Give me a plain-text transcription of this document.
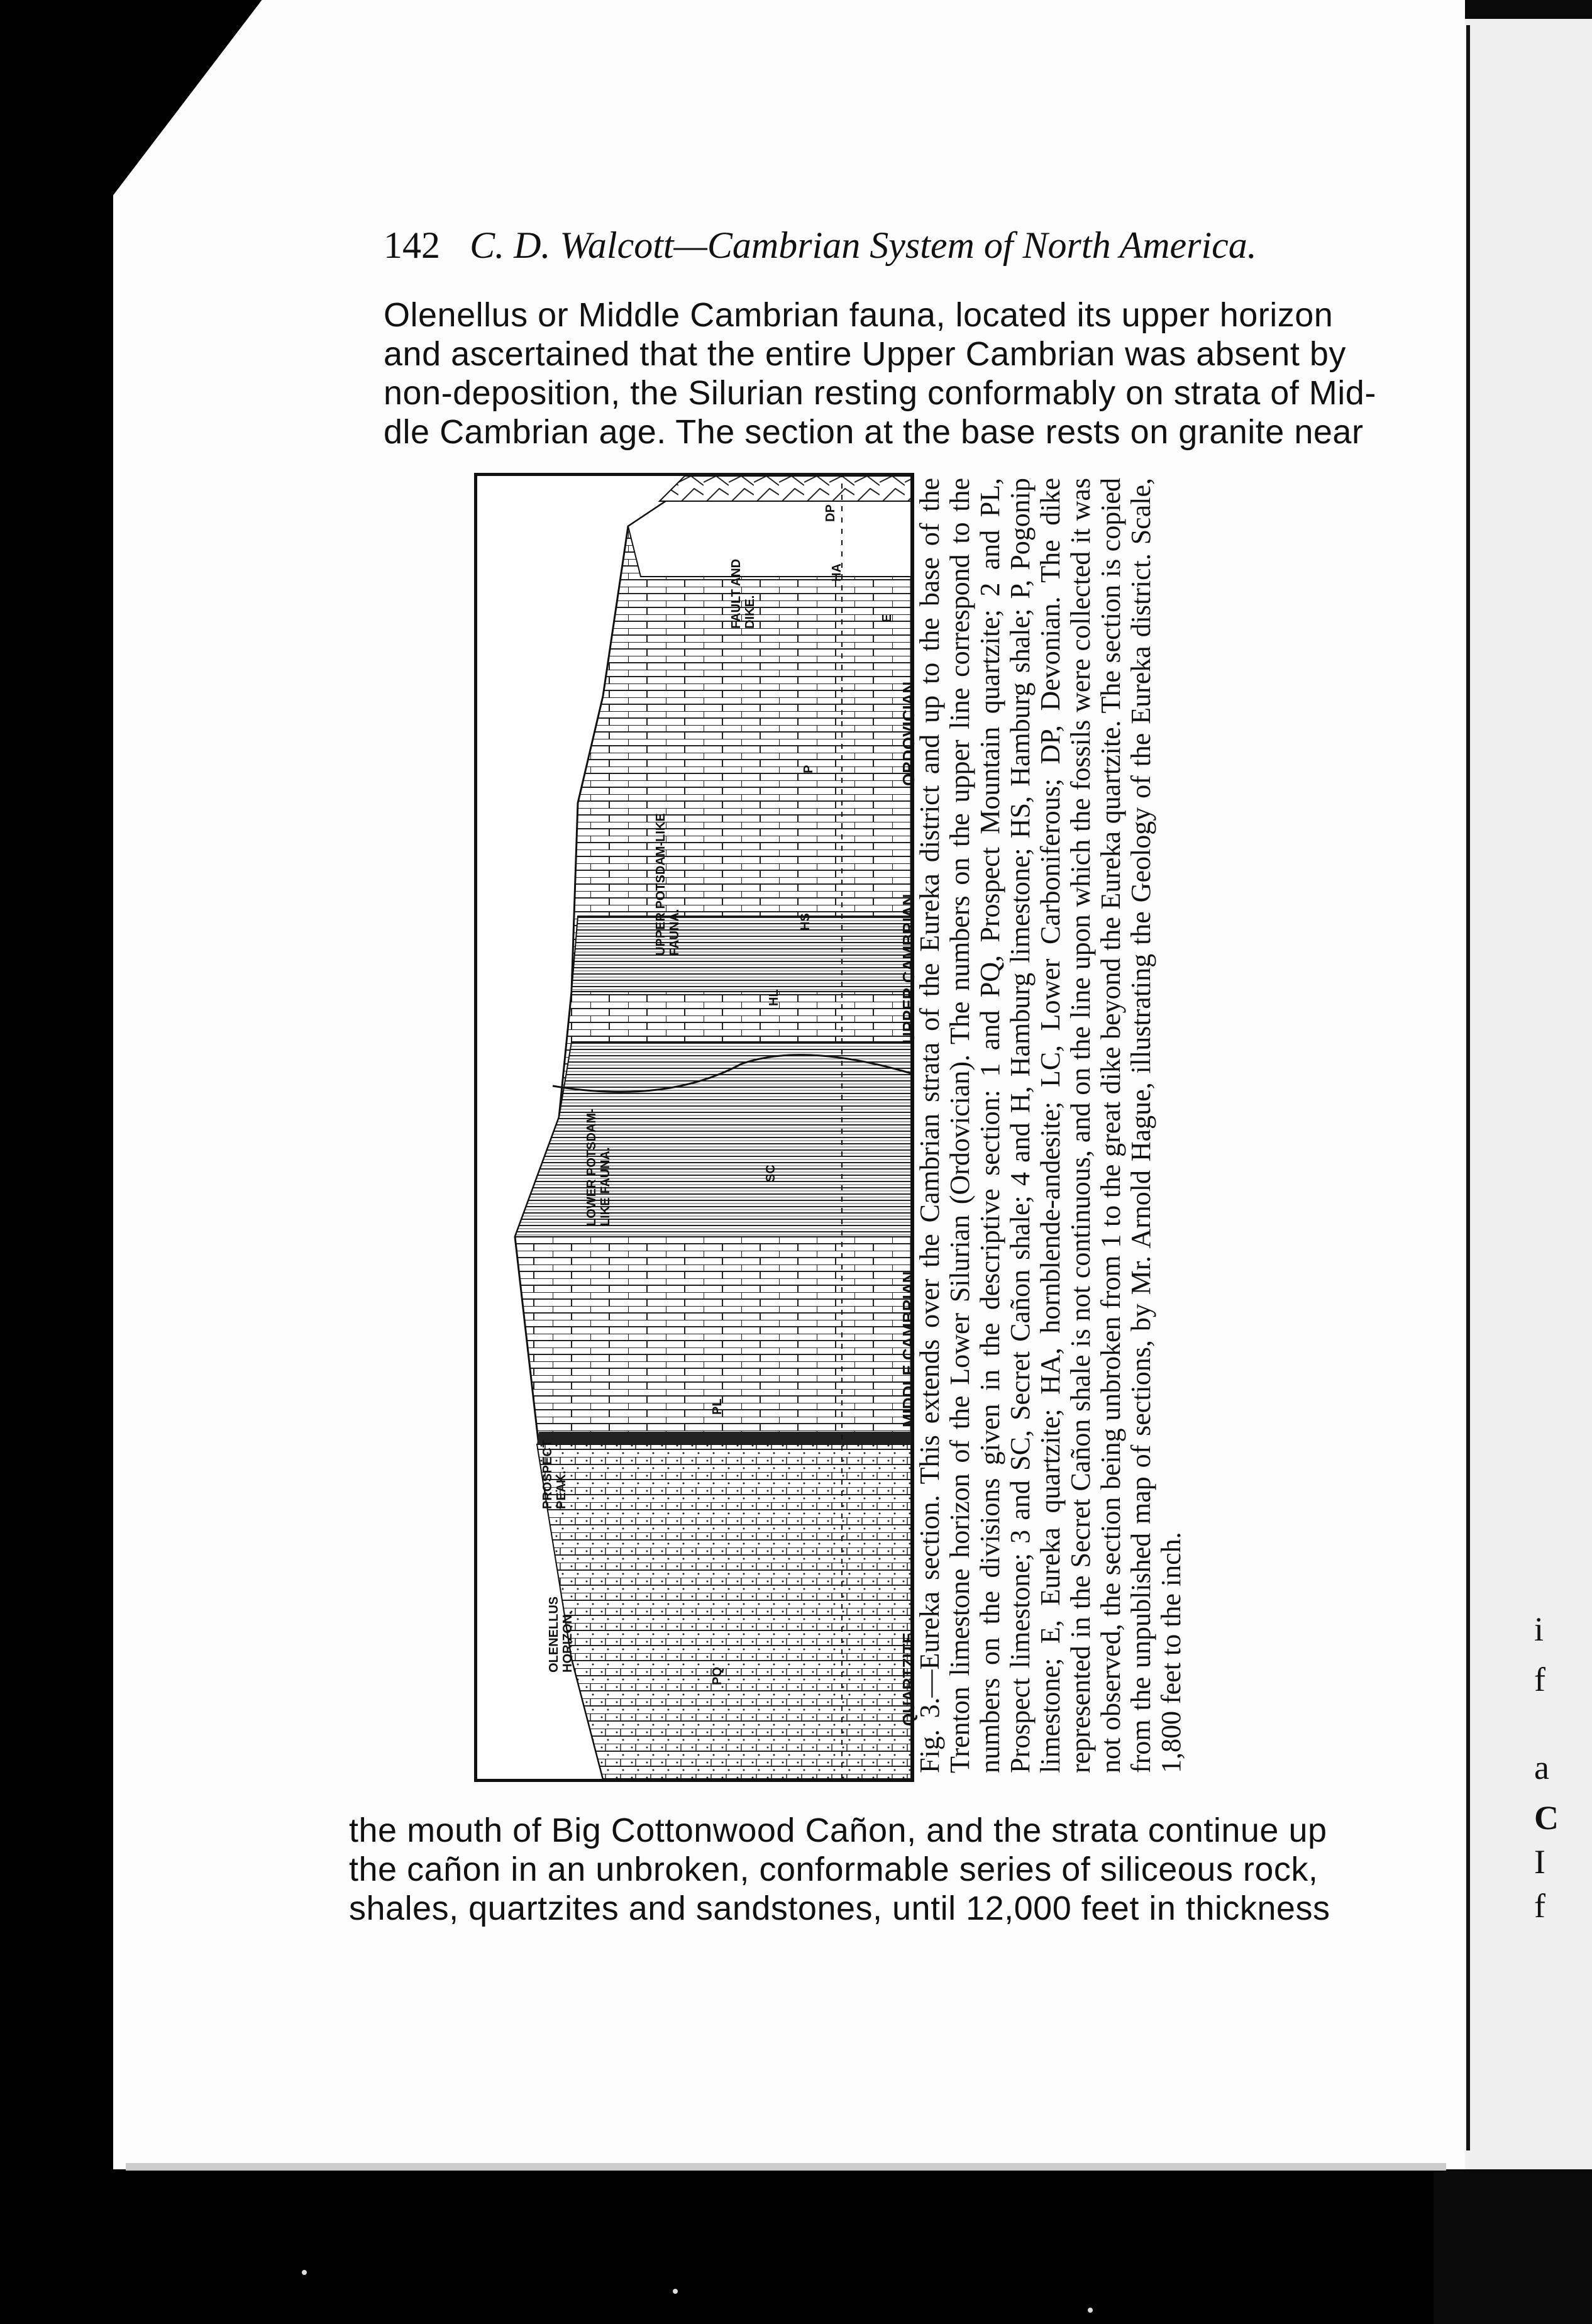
i
f
a
C
I
f
142 C. D. Walcott—Cambrian System of North America.
Olenellus or Middle Cambrian fauna, located its upper horizon
and ascertained that the entire Upper Cambrian was absent by
non-deposition, the Silurian resting conformably on strata of Mid-
dle Cambrian age. The section at the base rests on granite near
QUARTZITE.
MIDDLE CAMBRIAN.
UPPER CAMBRIAN.
ORDOVICIAN.
OLENELLUS
HORIZON.
PROSPECT
PEAK.
LOWER POTSDAM-
LIKE FAUNA.
UPPER POTSDAM-LIKE
FAUNA.
FAULT AND
DIKE.
PQ
PL
SC
HL
HS
P
HA
DP
E Fig. 3.—Eureka section. This extends over the Cambrian strata of the Eureka district and up to the base of the Trenton limestone horizon of the Lower Silurian (Ordovician). The numbers on the upper line correspond to the numbers on the divisions given in the descriptive section: 1 and PQ, Prospect Mountain quartzite; 2 and PL, Prospect limestone; 3 and SC, Secret Cañon shale; 4 and H, Hamburg limestone; HS, Hamburg shale; P, Pogonip limestone; E, Eureka quartzite; HA, hornblende-andesite; LC, Lower Carboniferous; DP, Devonian. The dike represented in the Secret Cañon shale is not continuous, and on the line upon which the fossils were collected it was not observed, the section being unbroken from 1 to the great dike beyond the Eureka quartzite. The section is copied from the unpublished map of sections, by Mr. Arnold Hague, illustrating the Geology of the Eureka district. Scale, 1,800 feet to the inch.

the mouth of Big Cottonwood Cañon, and the strata continue up
the cañon in an unbroken, conformable series of siliceous rock,
shales, quartzites and sandstones, until 12,000 feet in thickness
